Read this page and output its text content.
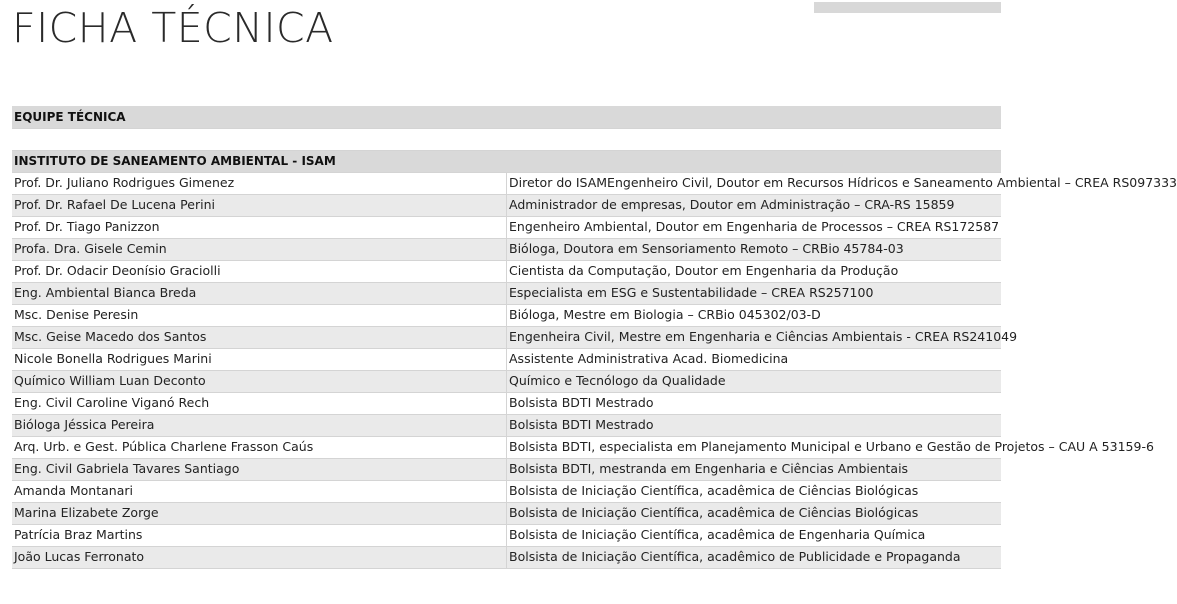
FICHA TÉCNICA
EQUIPE TÉCNICA	

INSTITUTO DE SANEAMENTO AMBIENTAL - ISAM	
Prof. Dr. Juliano Rodrigues Gimenez	Diretor do ISAMEngenheiro Civil, Doutor em Recursos Hídricos e Saneamento Ambiental – CREA RS097333
Prof. Dr. Rafael De Lucena Perini	Administrador de empresas, Doutor em Administração – CRA-RS 15859
Prof. Dr. Tiago Panizzon	Engenheiro Ambiental, Doutor em Engenharia de Processos – CREA RS172587
Profa. Dra. Gisele Cemin	Bióloga, Doutora em Sensoriamento Remoto – CRBio 45784-03
Prof. Dr. Odacir Deonísio Graciolli	Cientista da Computação, Doutor em Engenharia da Produção
Eng. Ambiental Bianca Breda	Especialista em ESG e Sustentabilidade – CREA RS257100
Msc. Denise Peresin	Bióloga, Mestre em Biologia – CRBio 045302/03-D
Msc. Geise Macedo dos Santos	Engenheira Civil, Mestre em Engenharia e Ciências Ambientais - CREA RS241049
Nicole Bonella Rodrigues Marini	Assistente Administrativa Acad. Biomedicina
Químico William Luan Deconto	Químico e Tecnólogo da Qualidade
Eng. Civil Caroline Viganó Rech	Bolsista BDTI Mestrado
Bióloga Jéssica Pereira	Bolsista BDTI Mestrado
Arq. Urb. e Gest. Pública Charlene Frasson Caús	Bolsista BDTI, especialista em Planejamento Municipal e Urbano e Gestão de Projetos – CAU A 53159-6
Eng. Civil Gabriela Tavares Santiago	Bolsista BDTI, mestranda em Engenharia e Ciências Ambientais
Amanda Montanari	Bolsista de Iniciação Científica, acadêmica de Ciências Biológicas
Marina Elizabete Zorge	Bolsista de Iniciação Científica, acadêmica de Ciências Biológicas
Patrícia Braz Martins	Bolsista de Iniciação Científica, acadêmica de Engenharia Química
João Lucas Ferronato	Bolsista de Iniciação Científica, acadêmico de Publicidade e Propaganda
